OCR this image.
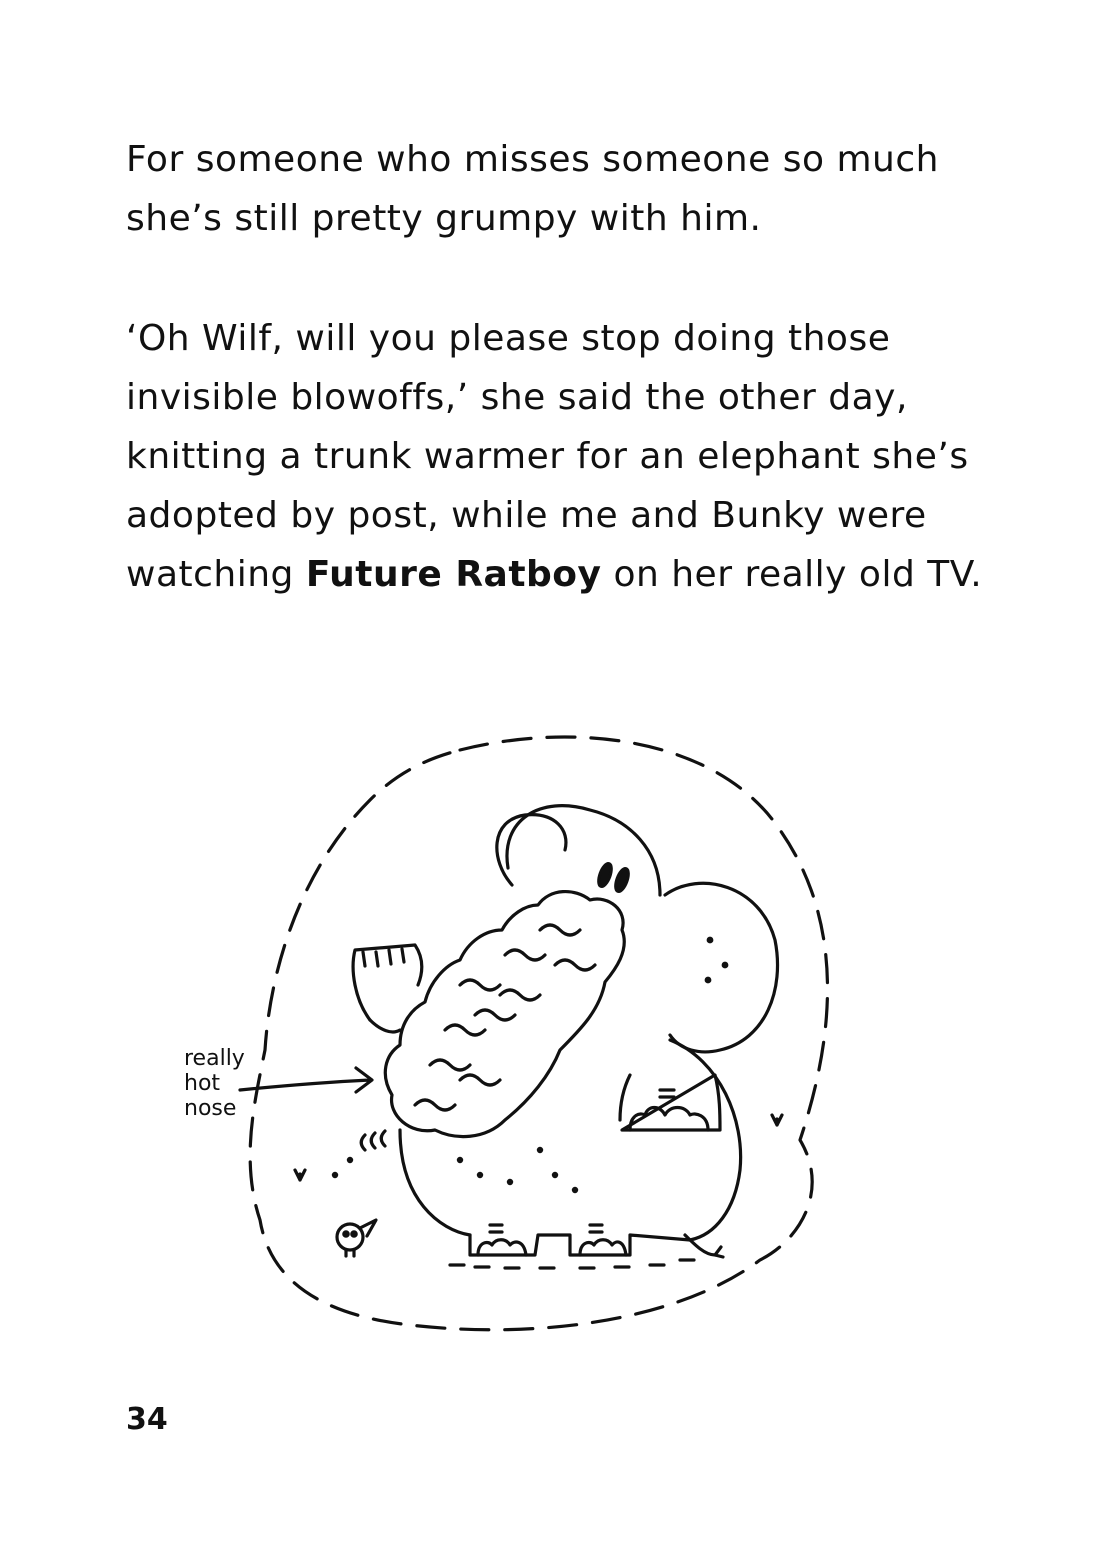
For someone who misses someone so much she’s still pretty grumpy with him.

‘Oh Wilf, will you please stop doing those invisible blowoffs,’ she said the other day, knitting a trunk warmer for an elephant she’s adopted by post, while me and Bunky were watching Future Ratboy on her really old TV.

really
hot
nose
34
